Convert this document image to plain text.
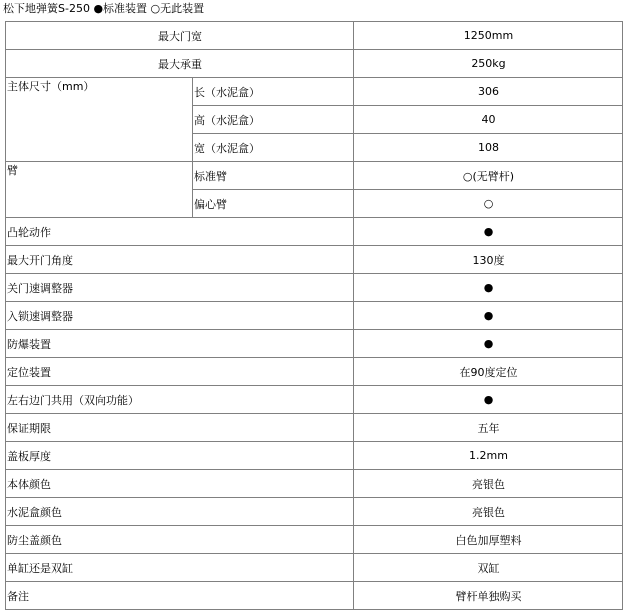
松下地弹簧S-250 ●标准装置 ○无此装置
最大门宽		1250mm
最大承重		250kg
主体尺寸（mm）	长（水泥盒）	306
	高（水泥盒）	40
	宽（水泥盒）	108
臂	标准臂	○(无臂杆)
	偏心臂	○
凸轮动作		●
最大开门角度		130度
关门速调整器		●
入锁速调整器		●
防爆装置		●
定位装置		在90度定位
左右边门共用（双向功能）		●
保证期限		五年
盖板厚度		1.2mm
本体颜色		亮银色
水泥盒颜色		亮银色
防尘盖颜色		白色加厚塑料
单缸还是双缸		双缸
备注		臂杆单独购买
